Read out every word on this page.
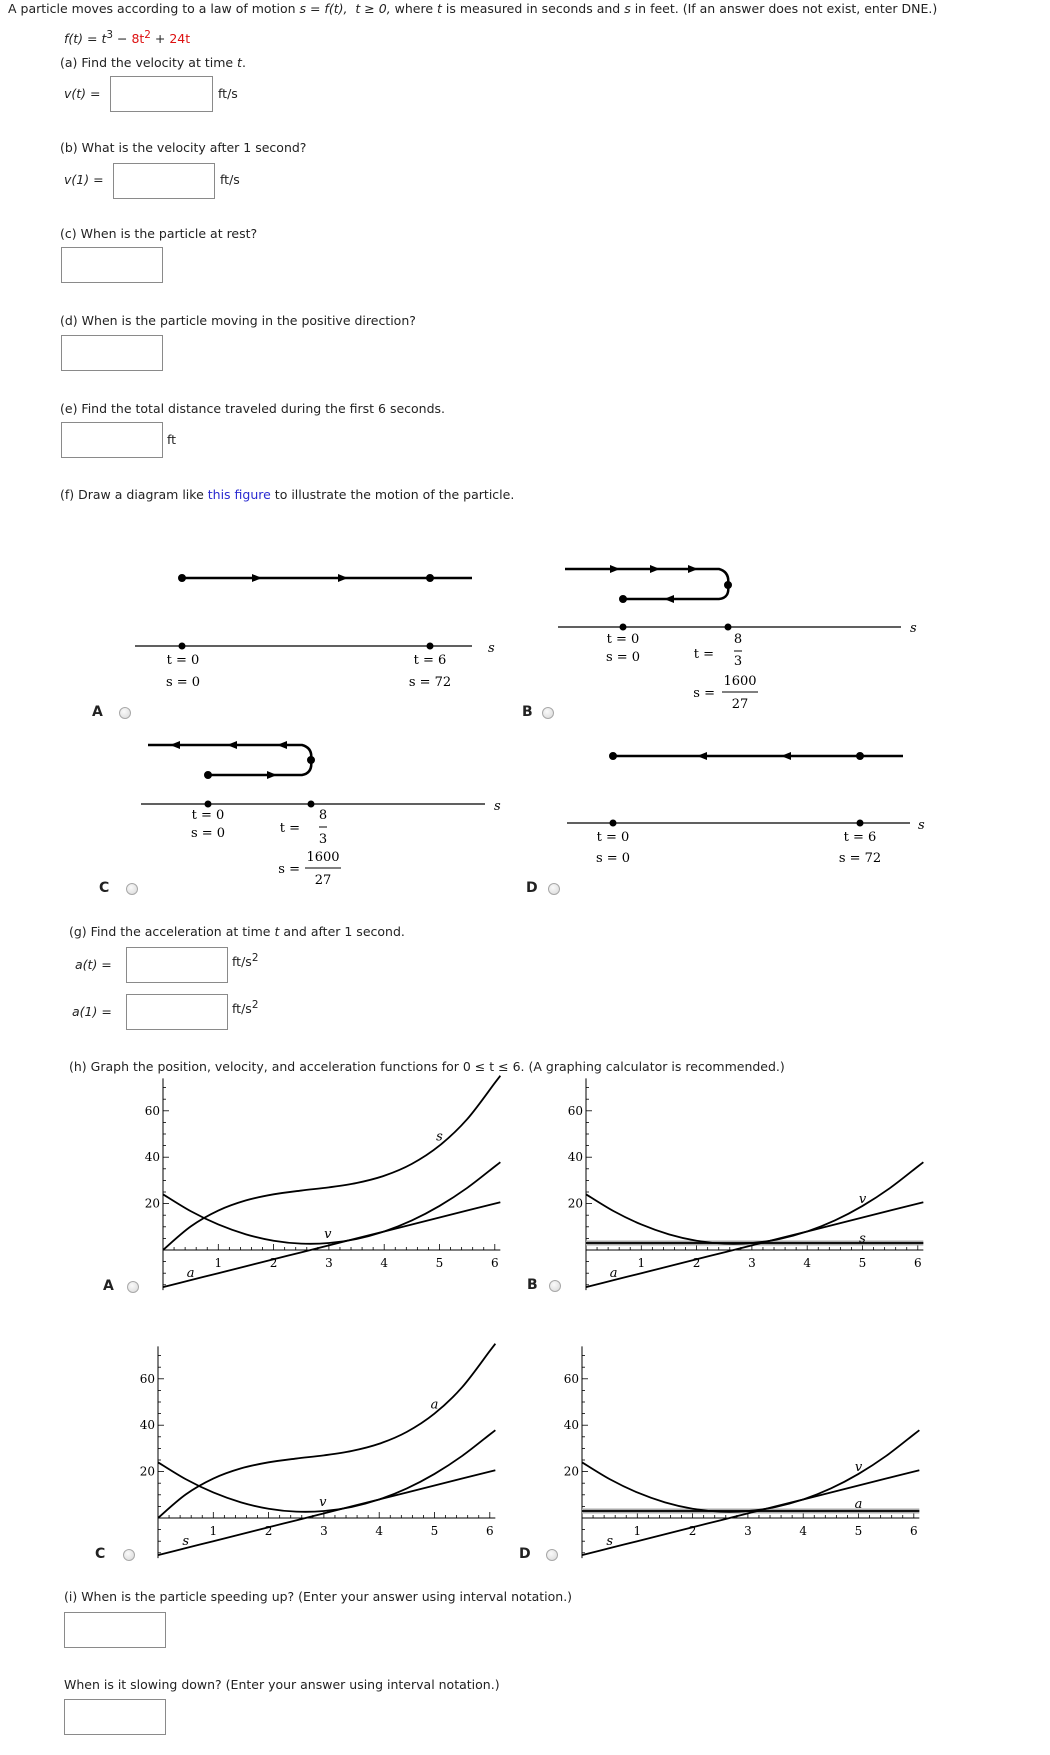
A particle moves according to a law of motion s = f(t), t ≥ 0, where t is measured in seconds and s in feet. (If an answer does not exist, enter DNE.)
$f(t) = t^3 - 8t^2 + 24t$
(a) Find the velocity at time t.
v(t) =	ft/s
(b) What is the velocity after 1 second?
v(1) =	ft/s
(c) When is the particle at rest?
(d) When is the particle moving in the positive direction?
(e) Find the total distance traveled during the first 6 seconds.
ft
(f) Draw a diagram like this figure to illustrate the motion of the particle.
s
t = 0
s = 0
t = 6
s = 72
s
t = 0
s = 0	t =
8
3
s =
1600
27
s
t = 0
s = 0	t =
8
3
s =
1600
27
s
t = 0
s = 0
t = 6
s = 72
A	B
C	D
(g) Find the acceleration at time t and after 1 second.
a(t) =	$ft/s^2$
a(1) =	$ft/s^2$
(h) Graph the position, velocity, and acceleration functions for 0 ≤ t ≤ 6. (A graphing calculator is recommended.)
1	2	3	4	5	6
20
40
60
s
v
a
1	2	3	4	5	6
20
40
60
s
v
a
1	2	3	4	5	6
20
40
60
a
v
s
1	2	3	4	5	6
20
40
60
a
v
s
A	B
C	D
(i) When is the particle speeding up? (Enter your answer using interval notation.)
When is it slowing down? (Enter your answer using interval notation.)
